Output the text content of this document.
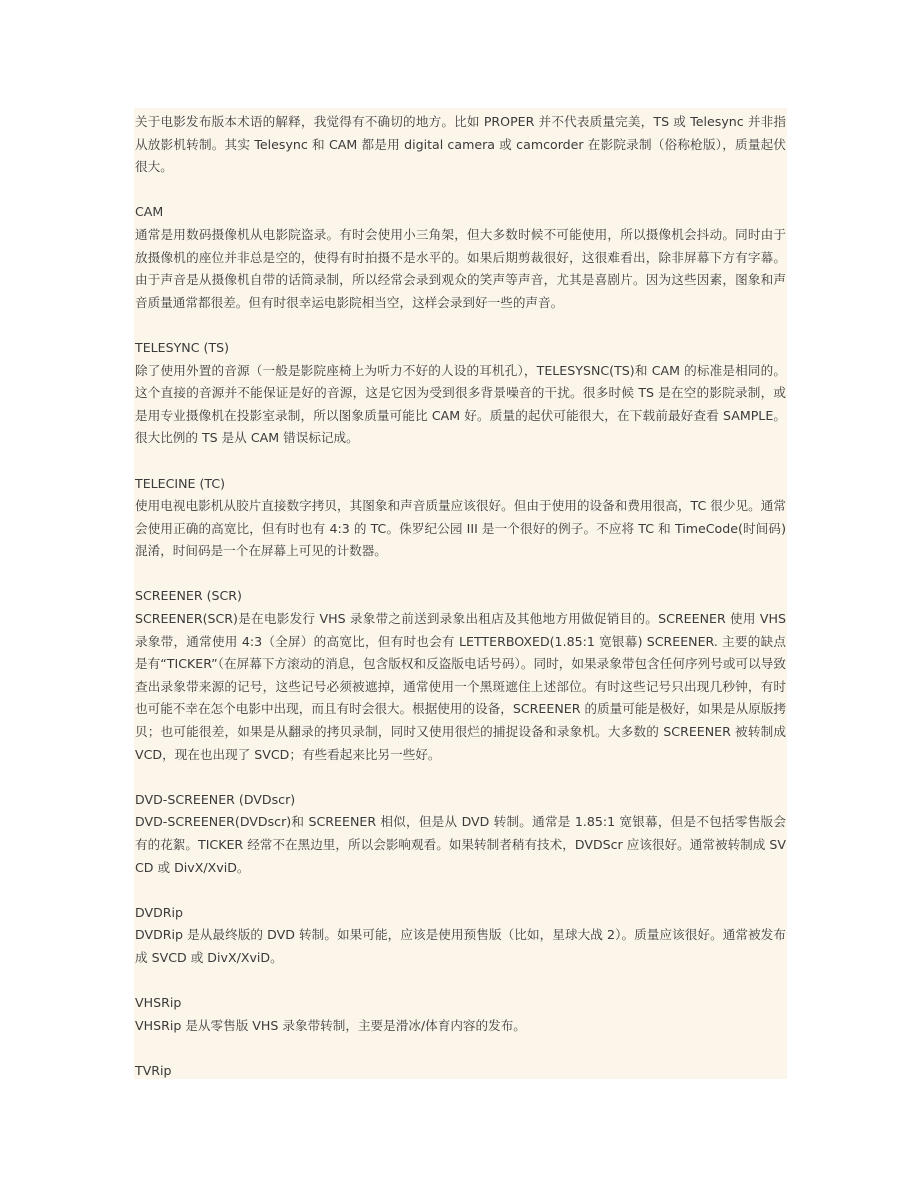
关于电影发布版本术语的解释，我觉得有不确切的地方。比如 PROPER 并不代表质量完美，TS 或 Telesync 并非指从放影机转制。其实 Telesync 和 CAM 都是用 digital camera 或 camcorder 在影院录制（俗称枪版），质量起伏很大。

CAM

通常是用数码摄像机从电影院盗录。有时会使用小三角架，但大多数时候不可能使用，所以摄像机会抖动。同时由于放摄像机的座位并非总是空的，使得有时拍摄不是水平的。如果后期剪裁很好，这很难看出，除非屏幕下方有字幕。由于声音是从摄像机自带的话筒录制，所以经常会录到观众的笑声等声音，尤其是喜剧片。因为这些因素，图象和声音质量通常都很差。但有时很幸运电影院相当空，这样会录到好一些的声音。

TELESYNC (TS)

除了使用外置的音源（一般是影院座椅上为听力不好的人设的耳机孔），TELESYSNC(TS)和 CAM 的标准是相同的。这个直接的音源并不能保证是好的音源，这是它因为受到很多背景噪音的干扰。很多时候 TS 是在空的影院录制，或是用专业摄像机在投影室录制，所以图象质量可能比 CAM 好。质量的起伏可能很大，在下载前最好查看 SAMPLE。很大比例的 TS 是从 CAM 错误标记成。

TELECINE (TC)

使用电视电影机从胶片直接数字拷贝，其图象和声音质量应该很好。但由于使用的设备和费用很高，TC 很少见。通常会使用正确的高宽比，但有时也有 4:3 的 TC。侏罗纪公园 III 是一个很好的例子。不应将 TC 和 TimeCode(时间码)混淆，时间码是一个在屏幕上可见的计数器。

SCREENER (SCR)

SCREENER(SCR)是在电影发行 VHS 录象带之前送到录象出租店及其他地方用做促销目的。SCREENER 使用 VHS 录象带，通常使用 4:3（全屏）的高宽比，但有时也会有 LETTERBOXED(1.85:1 宽银幕) SCREENER. 主要的缺点是有“TICKER”（在屏幕下方滚动的消息，包含版权和反盗版电话号码）。同时，如果录象带包含任何序列号或可以导致查出录象带来源的记号，这些记号必须被遮掉，通常使用一个黑斑遮住上述部位。有时这些记号只出现几秒钟，有时也可能不幸在怎个电影中出现，而且有时会很大。根据使用的设备，SCREENER 的质量可能是极好，如果是从原版拷贝；也可能很差，如果是从翻录的拷贝录制，同时又使用很烂的捕捉设备和录象机。大多数的 SCREENER 被转制成 VCD，现在也出现了 SVCD；有些看起来比另一些好。

DVD-SCREENER (DVDscr)

DVD-SCREENER(DVDscr)和 SCREENER 相似，但是从 DVD 转制。通常是 1.85:1 宽银幕，但是不包括零售版会有的花絮。TICKER 经常不在黑边里，所以会影响观看。如果转制者稍有技术，DVDScr 应该很好。通常被转制成 SVCD 或 DivX/XviD。

DVDRip

DVDRip 是从最终版的 DVD 转制。如果可能，应该是使用预售版（比如，星球大战 2）。质量应该很好。通常被发布成 SVCD 或 DivX/XviD。

VHSRip

VHSRip 是从零售版 VHS 录象带转制，主要是滑冰/体育内容的发布。

TVRip
